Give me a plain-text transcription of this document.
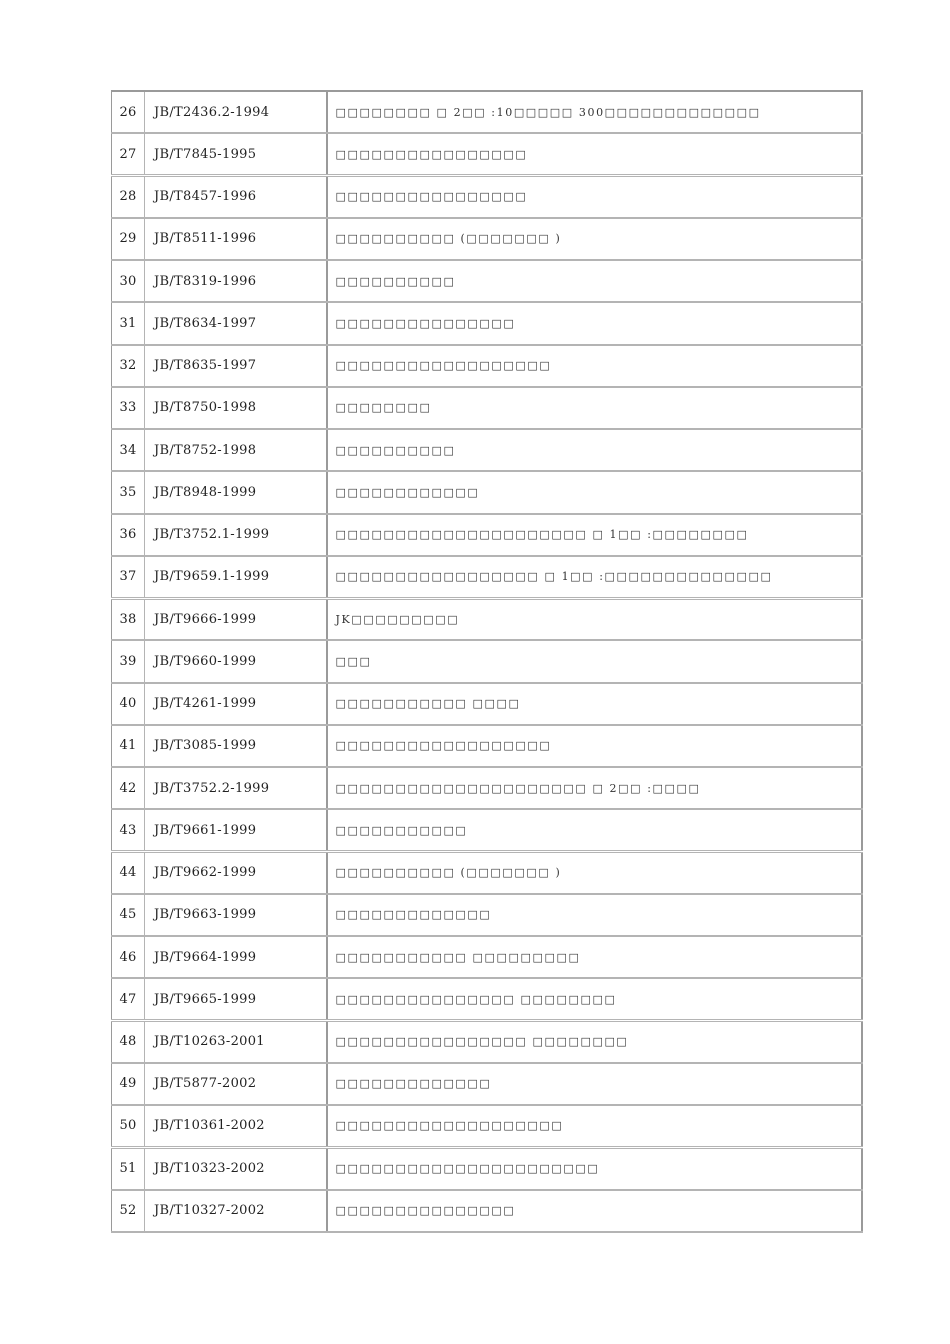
26	JB/T2436.2-1994	□□□□□□□□ □ 2□□ :10□□□□□ 300□□□□□□□□□□□□□
27	JB/T7845-1995	□□□□□□□□□□□□□□□□
28	JB/T8457-1996	□□□□□□□□□□□□□□□□
29	JB/T8511-1996	□□□□□□□□□□ (□□□□□□□ )
30	JB/T8319-1996	□□□□□□□□□□
31	JB/T8634-1997	□□□□□□□□□□□□□□□
32	JB/T8635-1997	□□□□□□□□□□□□□□□□□□
33	JB/T8750-1998	□□□□□□□□
34	JB/T8752-1998	□□□□□□□□□□
35	JB/T8948-1999	□□□□□□□□□□□□
36	JB/T3752.1-1999	□□□□□□□□□□□□□□□□□□□□□ □ 1□□ :□□□□□□□□
37	JB/T9659.1-1999	□□□□□□□□□□□□□□□□□ □ 1□□ :□□□□□□□□□□□□□□
38	JB/T9666-1999	JK□□□□□□□□□
39	JB/T9660-1999	□□□
40	JB/T4261-1999	□□□□□□□□□□□ □□□□
41	JB/T3085-1999	□□□□□□□□□□□□□□□□□□
42	JB/T3752.2-1999	□□□□□□□□□□□□□□□□□□□□□ □ 2□□ :□□□□
43	JB/T9661-1999	□□□□□□□□□□□
44	JB/T9662-1999	□□□□□□□□□□ (□□□□□□□ )
45	JB/T9663-1999	□□□□□□□□□□□□□
46	JB/T9664-1999	□□□□□□□□□□□ □□□□□□□□□
47	JB/T9665-1999	□□□□□□□□□□□□□□□ □□□□□□□□
48	JB/T10263-2001	□□□□□□□□□□□□□□□□ □□□□□□□□
49	JB/T5877-2002	□□□□□□□□□□□□□
50	JB/T10361-2002	□□□□□□□□□□□□□□□□□□□
51	JB/T10323-2002	□□□□□□□□□□□□□□□□□□□□□□
52	JB/T10327-2002	□□□□□□□□□□□□□□□
